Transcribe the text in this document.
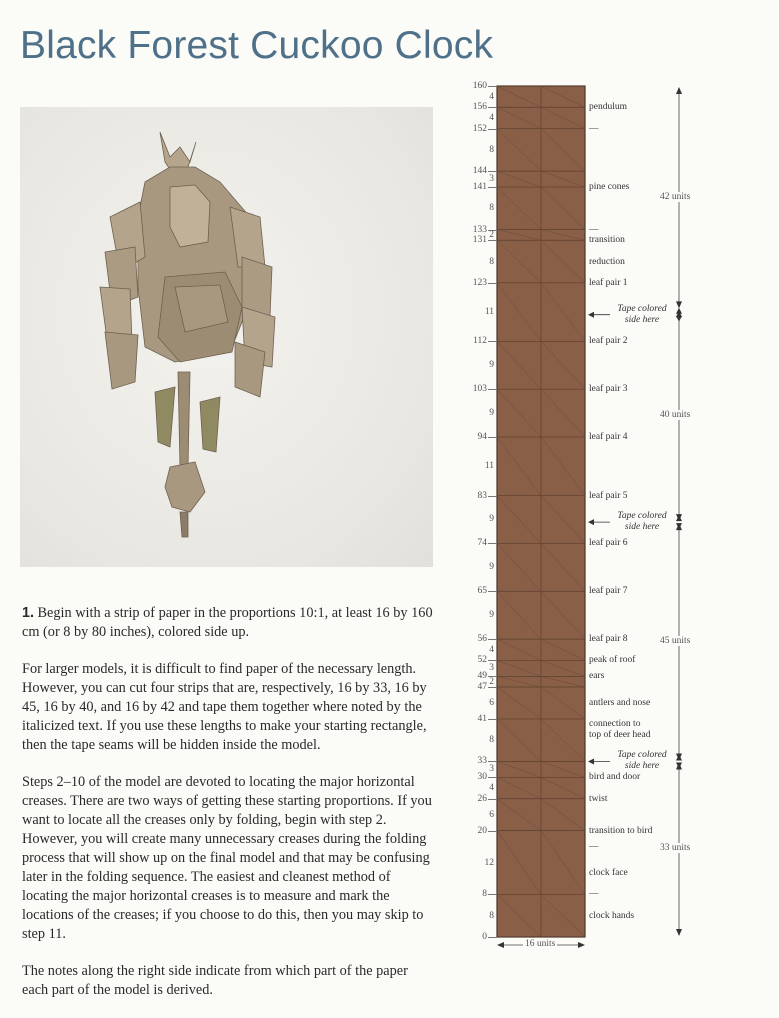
Black Forest Cuckoo Clock

1. Begin with a strip of paper in the proportions 10:1, at least 16 by 160 cm (or 8 by 80 inches), colored side up.

For larger models, it is difficult to find paper of the necessary length. However, you can cut four strips that are, respectively, 16 by 33, 16 by 45, 16 by 40, and 16 by 42 and tape them together where noted by the italicized text. If you use these lengths to make your starting rectangle, then the tape seams will be hidden inside the model.

Steps 2–10 of the model are devoted to locating the major horizontal creases. There are two ways of getting these starting proportions. If you want to locate all the creases only by folding, begin with step 2. However, you will create many unnecessary creases during the folding process that will show up on the final model and that may be confusing later in the folding sequence. The easiest and cleanest method of locating the major horizontal creases is to measure and mark the locations of the creases; if you choose to do this, then you may skip to step 11.

The notes along the right side indicate from which part of the paper each part of the model is derived.

160
156
152
144
141
133
131
123
112
103
94
83
74
65
56
52
49
47
41
33
30
26
20
8
0
4
4
8
3
8
2
8
11
9
9
11
9
9
9
4
3
2
6
8
3
4
6
12
8
pendulum
—
pine cones
—
transition
reduction
leaf pair 1
leaf pair 2
leaf pair 3
leaf pair 4
leaf pair 5
leaf pair 6
leaf pair 7
leaf pair 8
peak of roof
ears
antlers and nose
connection to
top of deer head
bird and door
twist
transition to bird
—
clock face
—
clock hands
Tape colored
side here
Tape colored
side here
Tape colored
side here
42 units
40 units
45 units
33 units
16 units
